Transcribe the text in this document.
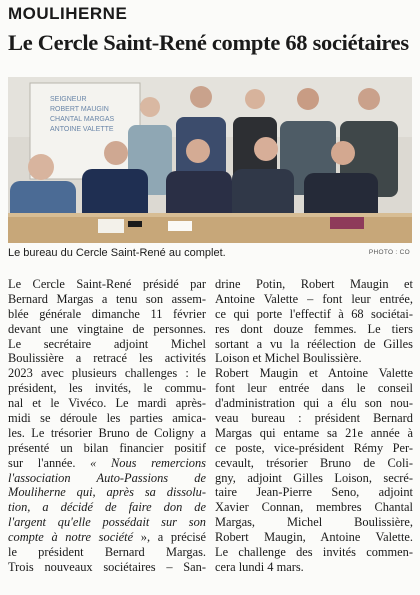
MOULIHERNE
Le Cercle Saint-René compte 68 sociétaires
SEIGNEUR
ROBERT MAUGIN
CHANTAL MARGAS
ANTOINE VALETTE
Le bureau du Cercle Saint-René au complet.	PHOTO : CO
Le Cercle Saint-René présidé par
Bernard Margas a tenu son assem-
blée générale dimanche 11 février
devant une vingtaine de personnes.
Le secrétaire adjoint Michel
Boulissière a retracé les activités
2023 avec plusieurs challenges : le
président, les invités, le commu-
nal et le Vivéco. Le mardi après-
midi se déroule les parties amica-
les. Le trésorier Bruno de Coligny a
présenté un bilan financier positif
sur l'année. « Nous remercions
l'association Auto-Passions de
Mouliherne qui, après sa dissolu-
tion, a décidé de faire don de
l'argent qu'elle possédait sur son
compte à notre société », a précisé
le président Bernard Margas.
Trois nouveaux sociétaires – San-
drine Potin, Robert Maugin et
Antoine Valette – font leur entrée,
ce qui porte l'effectif à 68 sociétai-
res dont douze femmes. Le tiers
sortant a vu la réélection de Gilles
Loison et Michel Boulissière.
Robert Maugin et Antoine Valette
font leur entrée dans le conseil
d'administration qui a élu son nou-
veau bureau : président Bernard
Margas qui entame sa 21e année à
ce poste, vice-président Rémy Per-
cevault, trésorier Bruno de Coli-
gny, adjoint Gilles Loison, secré-
taire Jean-Pierre Seno, adjoint
Xavier Connan, membres Chantal
Margas, Michel Boulissière,
Robert Maugin, Antoine Valette.
Le challenge des invités commen-
cera lundi 4 mars.
